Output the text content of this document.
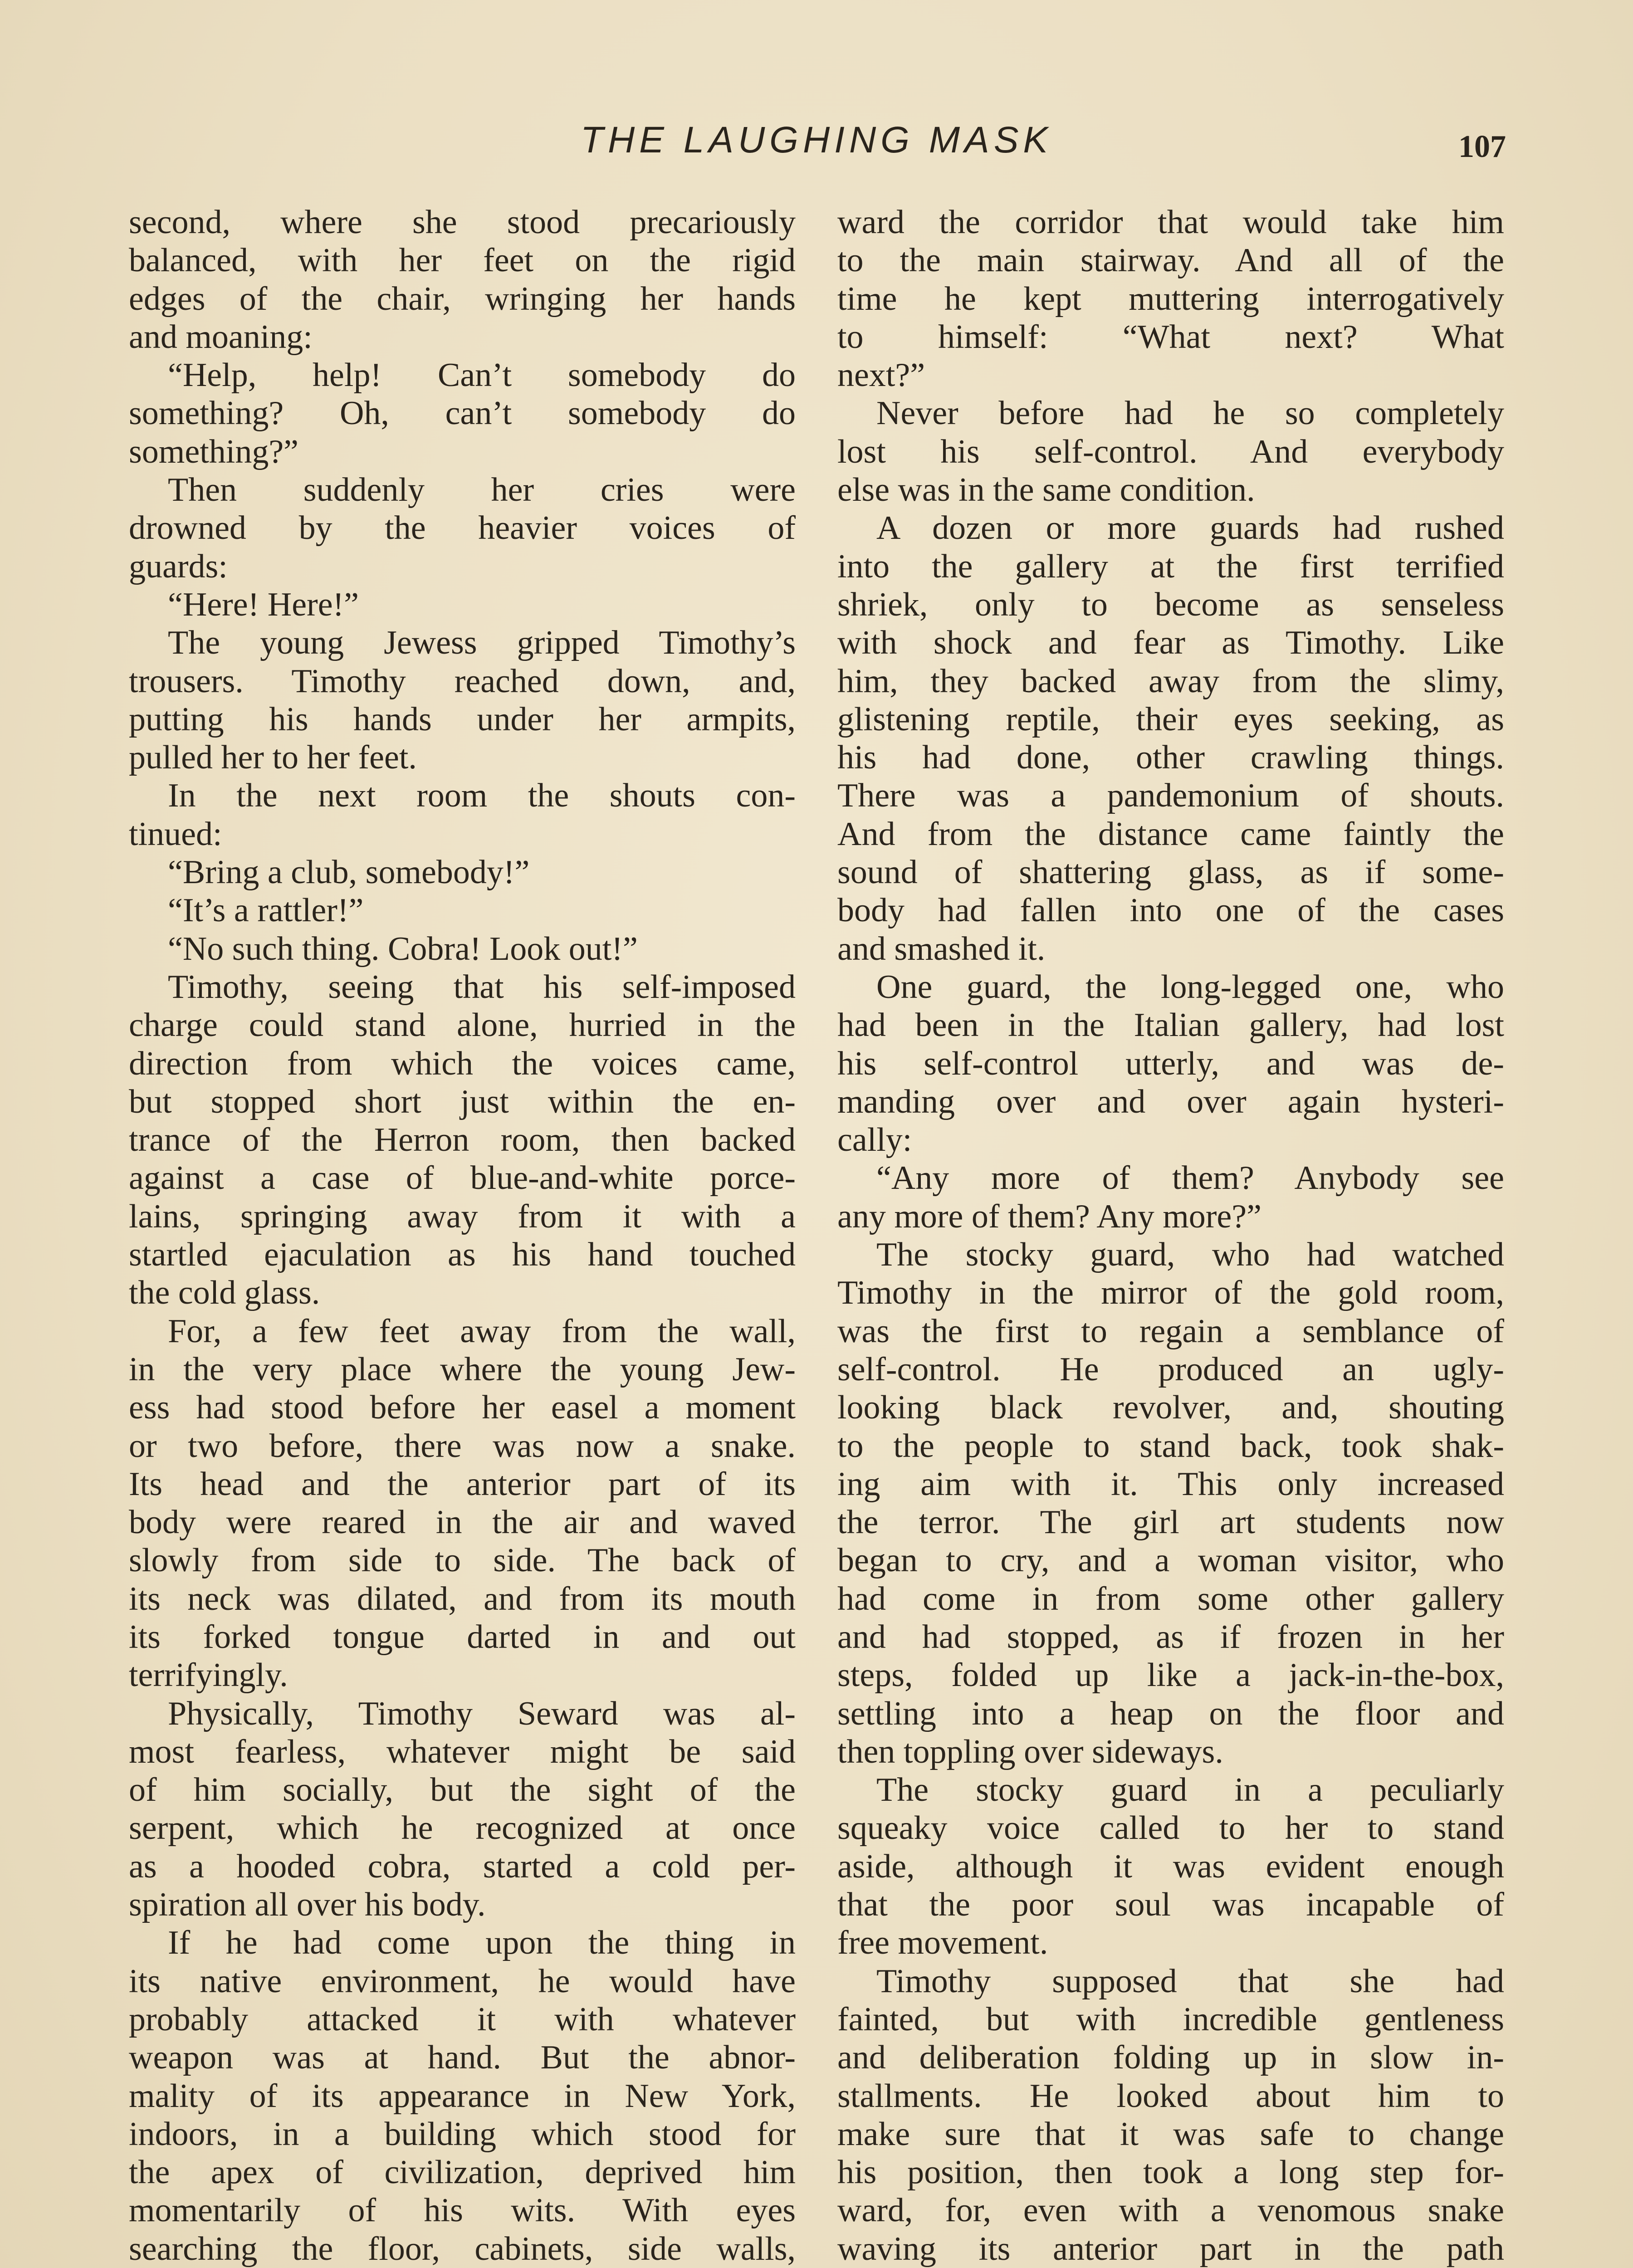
THE LAUGHING MASK	107
second, where she stood precariously
balanced, with her feet on the rigid
edges of the chair, wringing her hands
and moaning:
“Help, help! Can’t somebody do
something? Oh, can’t somebody do
something?”
Then suddenly her cries were
drowned by the heavier voices of
guards:
“Here! Here!”
The young Jewess gripped Timothy’s
trousers. Timothy reached down, and,
putting his hands under her armpits,
pulled her to her feet.
In the next room the shouts con-
tinued:
“Bring a club, somebody!”
“It’s a rattler!”
“No such thing. Cobra! Look out!”
Timothy, seeing that his self-imposed
charge could stand alone, hurried in the
direction from which the voices came,
but stopped short just within the en-
trance of the Herron room, then backed
against a case of blue-and-white porce-
lains, springing away from it with a
startled ejaculation as his hand touched
the cold glass.
For, a few feet away from the wall,
in the very place where the young Jew-
ess had stood before her easel a moment
or two before, there was now a snake.
Its head and the anterior part of its
body were reared in the air and waved
slowly from side to side. The back of
its neck was dilated, and from its mouth
its forked tongue darted in and out
terrifyingly.
Physically, Timothy Seward was al-
most fearless, whatever might be said
of him socially, but the sight of the
serpent, which he recognized at once
as a hooded cobra, started a cold per-
spiration all over his body.
If he had come upon the thing in
its native environment, he would have
probably attacked it with whatever
weapon was at hand. But the abnor-
mality of its appearance in New York,
indoors, in a building which stood for
the apex of civilization, deprived him
momentarily of his wits. With eyes
searching the floor, cabinets, side walls,
ward the corridor that would take him
to the main stairway. And all of the
time he kept muttering interrogatively
to himself: “What next? What
next?”
Never before had he so completely
lost his self-control. And everybody
else was in the same condition.
A dozen or more guards had rushed
into the gallery at the first terrified
shriek, only to become as senseless
with shock and fear as Timothy. Like
him, they backed away from the slimy,
glistening reptile, their eyes seeking, as
his had done, other crawling things.
There was a pandemonium of shouts.
And from the distance came faintly the
sound of shattering glass, as if some-
body had fallen into one of the cases
and smashed it.
One guard, the long-legged one, who
had been in the Italian gallery, had lost
his self-control utterly, and was de-
manding over and over again hysteri-
cally:
“Any more of them? Anybody see
any more of them? Any more?”
The stocky guard, who had watched
Timothy in the mirror of the gold room,
was the first to regain a semblance of
self-control. He produced an ugly-
looking black revolver, and, shouting
to the people to stand back, took shak-
ing aim with it. This only increased
the terror. The girl art students now
began to cry, and a woman visitor, who
had come in from some other gallery
and had stopped, as if frozen in her
steps, folded up like a jack-in-the-box,
settling into a heap on the floor and
then toppling over sideways.
The stocky guard in a peculiarly
squeaky voice called to her to stand
aside, although it was evident enough
that the poor soul was incapable of
free movement.
Timothy supposed that she had
fainted, but with incredible gentleness
and deliberation folding up in slow in-
stallments. He looked about him to
make sure that it was safe to change
his position, then took a long step for-
ward, for, even with a venomous snake
waving its anterior part in the path
